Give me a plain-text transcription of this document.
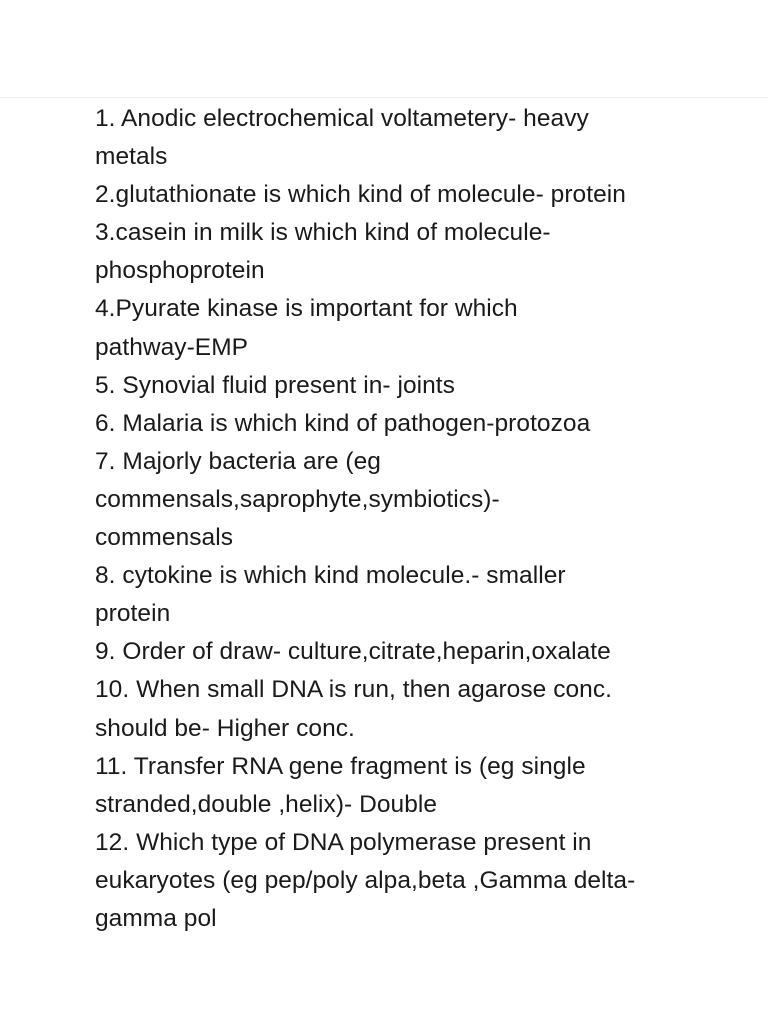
1. Anodic electrochemical voltametery- heavy
metals
2.glutathionate is which kind of molecule- protein
3.casein in milk is which kind of molecule-
phosphoprotein
4.Pyurate kinase is important for which
pathway-EMP
5. Synovial fluid present in- joints
6. Malaria is which kind of pathogen-protozoa
7. Majorly bacteria are (eg
commensals,saprophyte,symbiotics)-
commensals
8. cytokine is which kind molecule.- smaller
protein
9. Order of draw- culture,citrate,heparin,oxalate
10. When small DNA is run, then agarose conc.
should be- Higher conc.
11. Transfer RNA gene fragment is (eg single
stranded,double ,helix)- Double
12. Which type of DNA polymerase present in
eukaryotes (eg pep/poly alpa,beta ,Gamma delta-
gamma pol
